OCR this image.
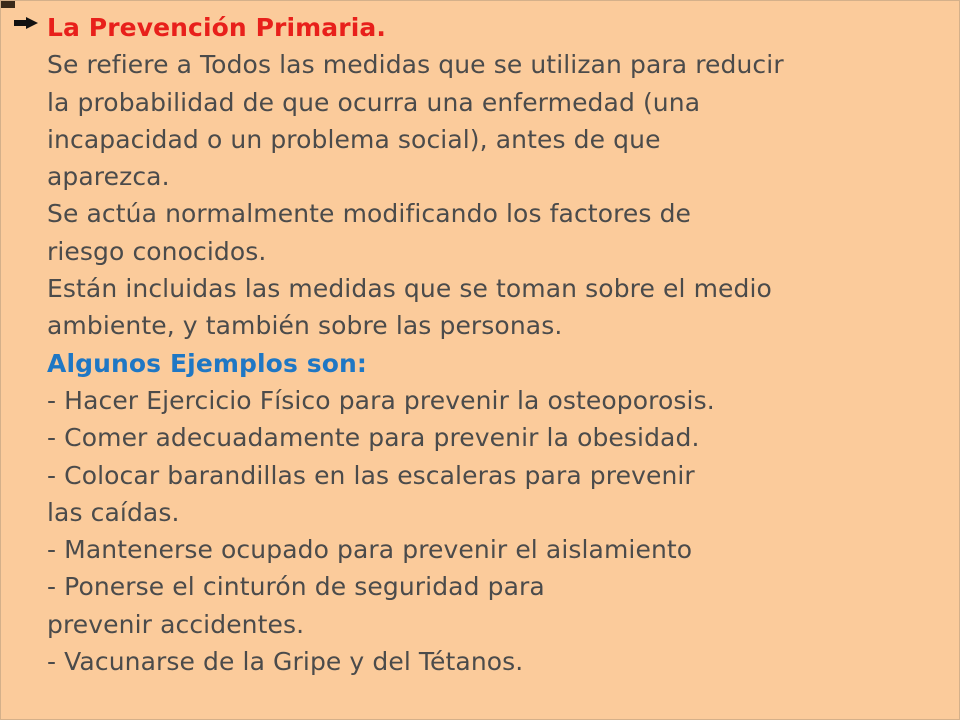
La Prevención Primaria.
Se refiere a Todos las medidas que se utilizan para reducir
la probabilidad de que ocurra una enfermedad (una
incapacidad o un problema social), antes de que
aparezca.
Se actúa normalmente modificando los factores de
riesgo conocidos.
Están incluidas las medidas que se toman sobre el medio
ambiente, y también sobre las personas.
Algunos Ejemplos son:
- Hacer Ejercicio Físico para prevenir la osteoporosis.
- Comer adecuadamente para prevenir la obesidad.
- Colocar barandillas en las escaleras para prevenir
las caídas.
- Mantenerse ocupado para prevenir el aislamiento
- Ponerse el cinturón de seguridad para
prevenir accidentes.
- Vacunarse de la Gripe y del Tétanos.
